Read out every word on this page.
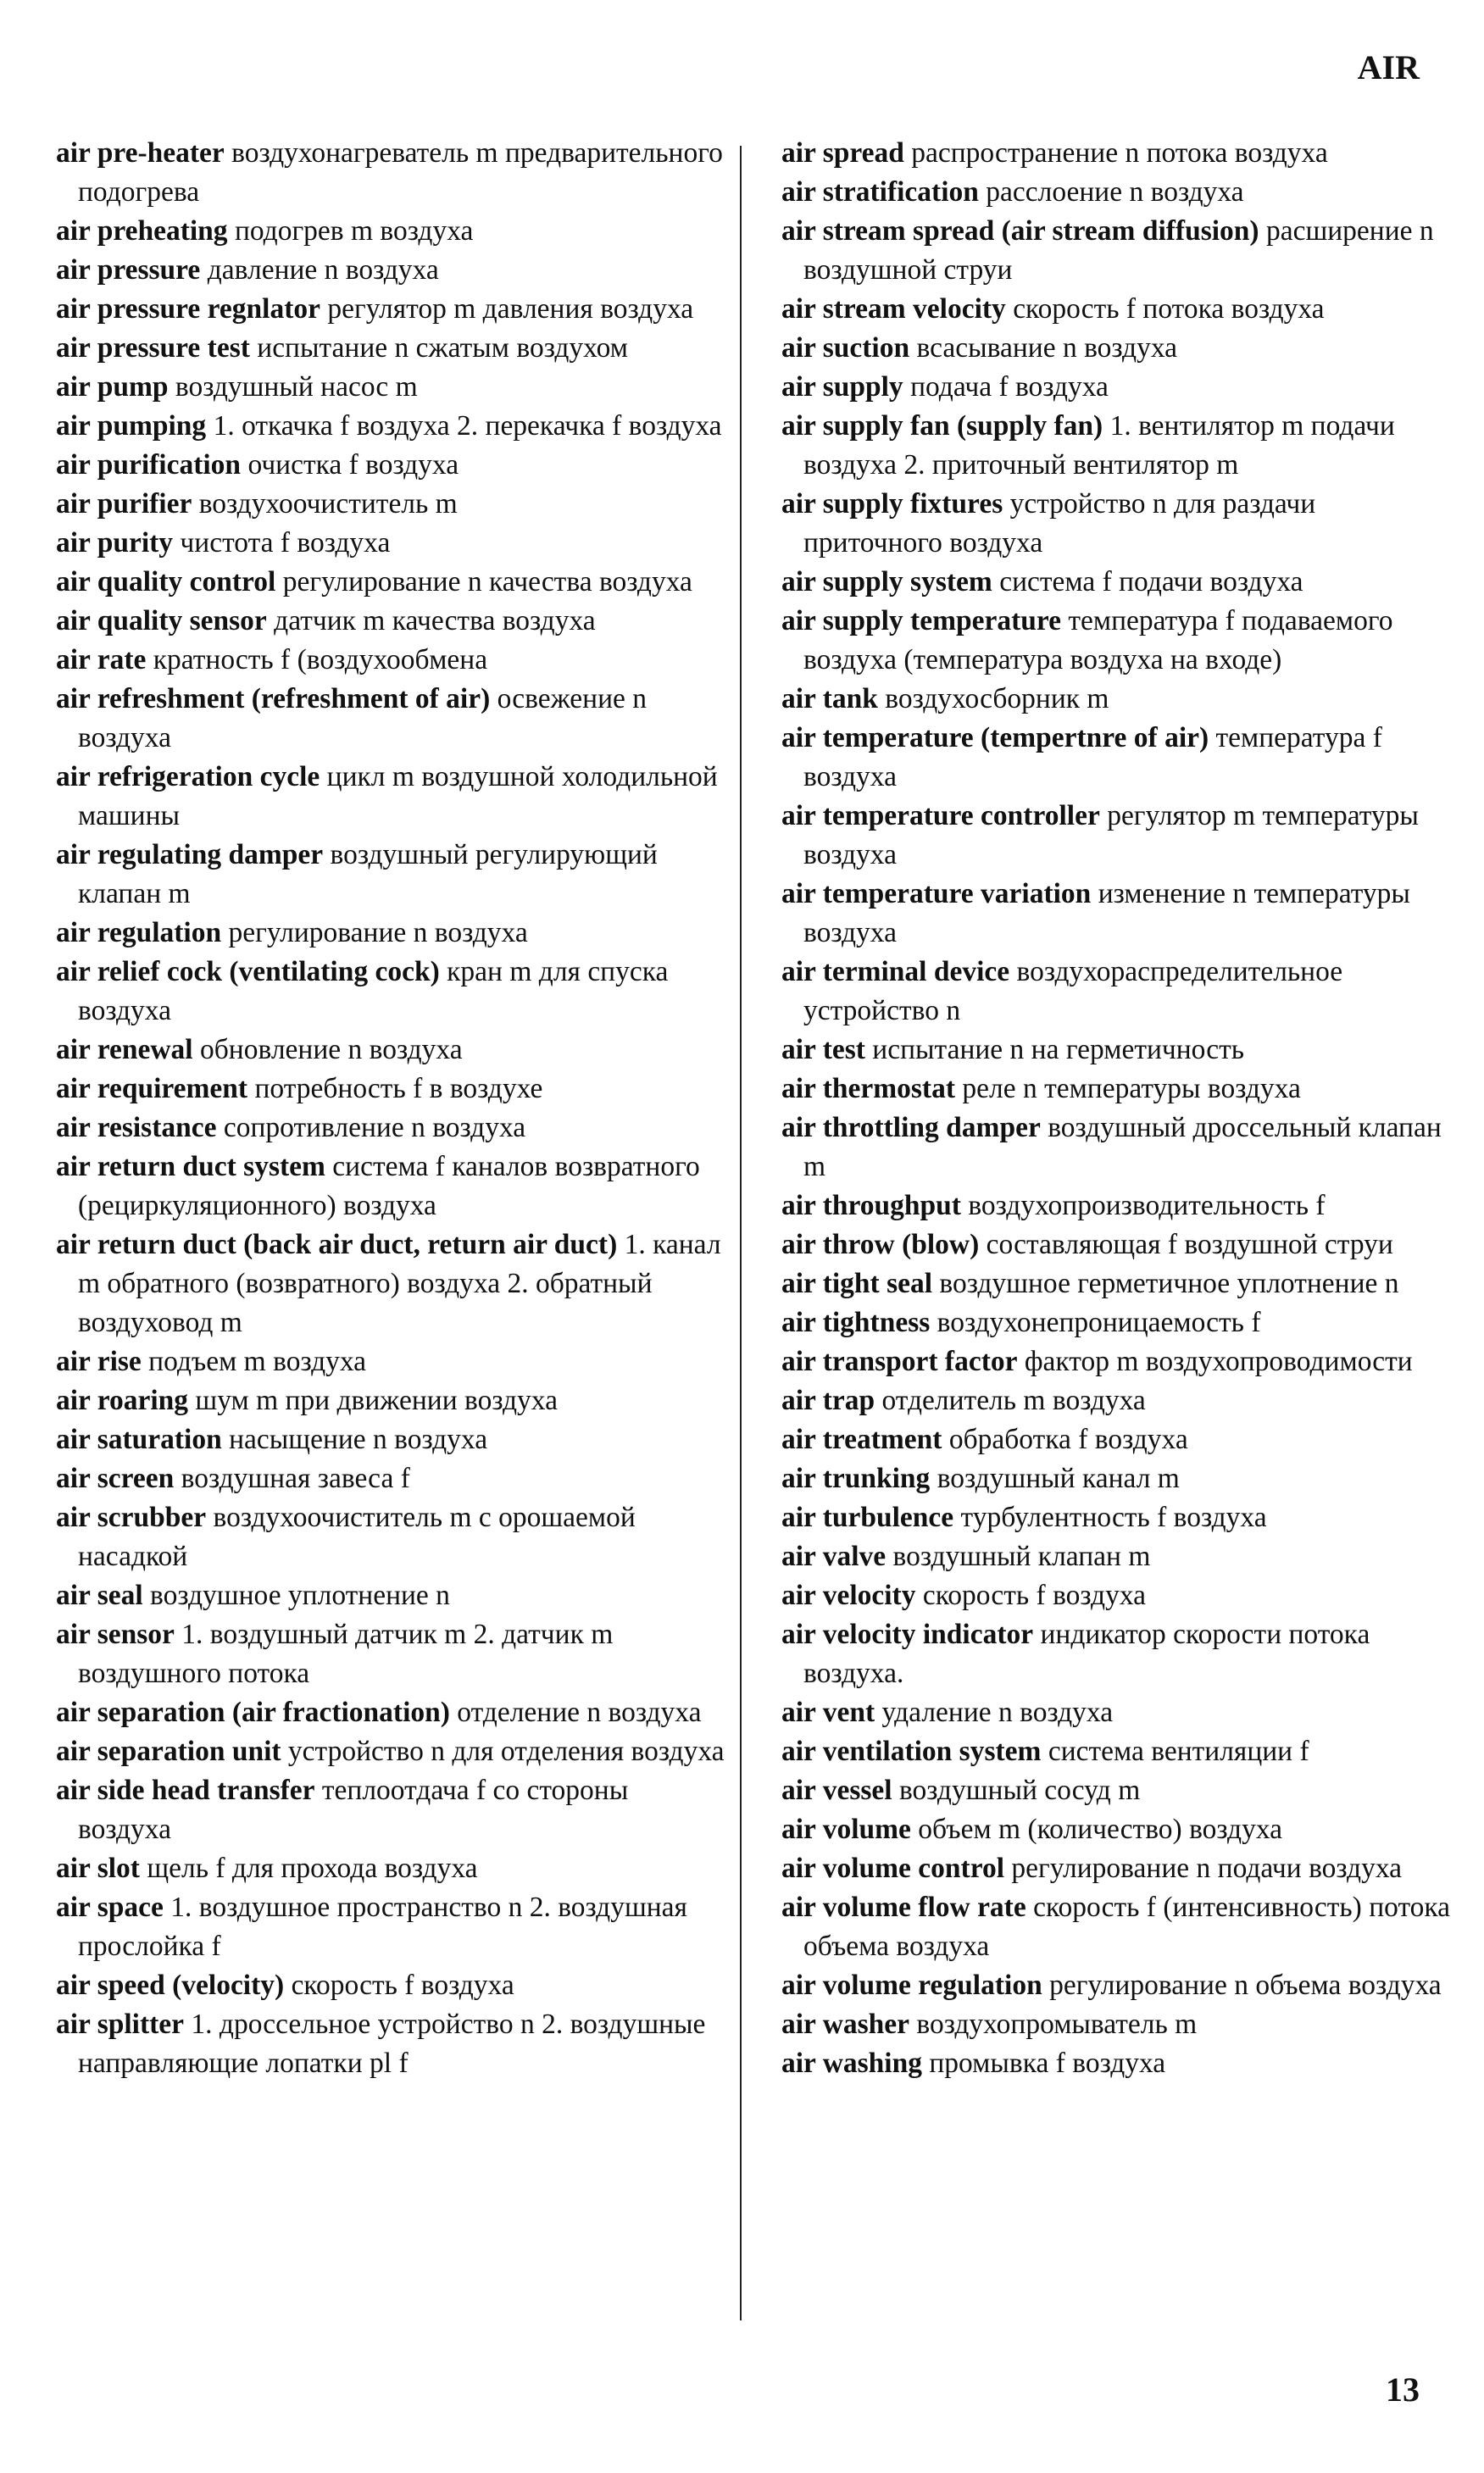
AIR

air pre-heater воздухонагреватель m предварительного подогрева

air preheating подогрев m воздуха

air pressure давление n воздуха

air pressure regnlator регулятор m давления воздуха

air pressure test испытание n сжатым воздухом

air pump воздушный насос m

air pumping 1. откачка f воздуха 2. перекачка f воздуха

air purification очистка f воздуха

air purifier воздухоочиститель m

air purity чистота f воздуха

air quality control регулирование n качества воздуха

air quality sensor датчик m качества воздуха

air rate кратность f (воздухообмена

air refreshment (refreshment of air) освежение n воздуха

air refrigeration cycle цикл m воздушной холодильной машины

air regulating damper воздушный регулирующий клапан m

air regulation регулирование n воздуха

air relief cock (ventilating cock) кран m для спуска воздуха

air renewal обновление n воздуха

air requirement потребность f в воздухе

air resistance сопротивление n воздуха

air return duct system система f каналов возвратного (рециркуляционного) воздуха

air return duct (back air duct, return air duct) 1. канал m обратного (возвратного) воздуха 2. обратный воздуховод m

air rise подъем m воздуха

air roaring шум m при движении воздуха

air saturation насыщение n воздуха

air screen воздушная завеса f

air scrubber воздухоочиститель m с орошаемой насадкой

air seal воздушное уплотнение n

air sensor 1. воздушный датчик m 2. датчик m воздушного потока

air separation (air fractionation) отделение n воздуха

air separation unit устройство n для отделения воздуха

air side head transfer теплоотдача f со стороны воздуха

air slot щель f для прохода воздуха

air space 1. воздушное пространство n 2. воздушная прослойка f

air speed (velocity) скорость f воздуха

air splitter 1. дроссельное устройство n 2. воздушные направляющие лопатки pl f

air spread распространение n потока воздуха

air stratification расслоение n воздуха

air stream spread (air stream diffusion) расширение n воздушной струи

air stream velocity скорость f потока воздуха

air suction всасывание n воздуха

air supply подача f воздуха

air supply fan (supply fan) 1. вентилятор m подачи воздуха 2. приточный вентилятор m

air supply fixtures устройство n для раздачи приточного воздуха

air supply system система f подачи воздуха

air supply temperature температура f подаваемого воздуха (температура воздуха на входе)

air tank воздухосборник m

air temperature (tempertnre of air) температура f воздуха

air temperature controller регулятор m температуры воздуха

air temperature variation изменение n температуры воздуха

air terminal device воздухораспределительное устройство n

air test испытание n на герметичность

air thermostat реле n температуры воздуха

air throttling damper воздушный дроссельный клапан m

air throughput воздухопроизводительность f

air throw (blow) составляющая f воздушной струи

air tight seal воздушное герметичное уплотнение n

air tightness воздухонепроницаемость f

air transport factor фактор m воздухопроводимости

air trap отделитель m воздуха

air treatment обработка f воздуха

air trunking воздушный канал m

air turbulence турбулентность f воздуха

air valve воздушный клапан m

air velocity скорость f воздуха

air velocity indicator индикатор скорости потока воздуха.

air vent удаление n воздуха

air ventilation system система вентиляции f

air vessel воздушный сосуд m

air volume объем m (количество) воздуха

air volume control регулирование n подачи воздуха

air volume flow rate скорость f (интенсивность) потока объема воздуха

air volume regulation регулирование n объема воздуха

air washer воздухопромыватель m

air washing промывка f воздуха

13
